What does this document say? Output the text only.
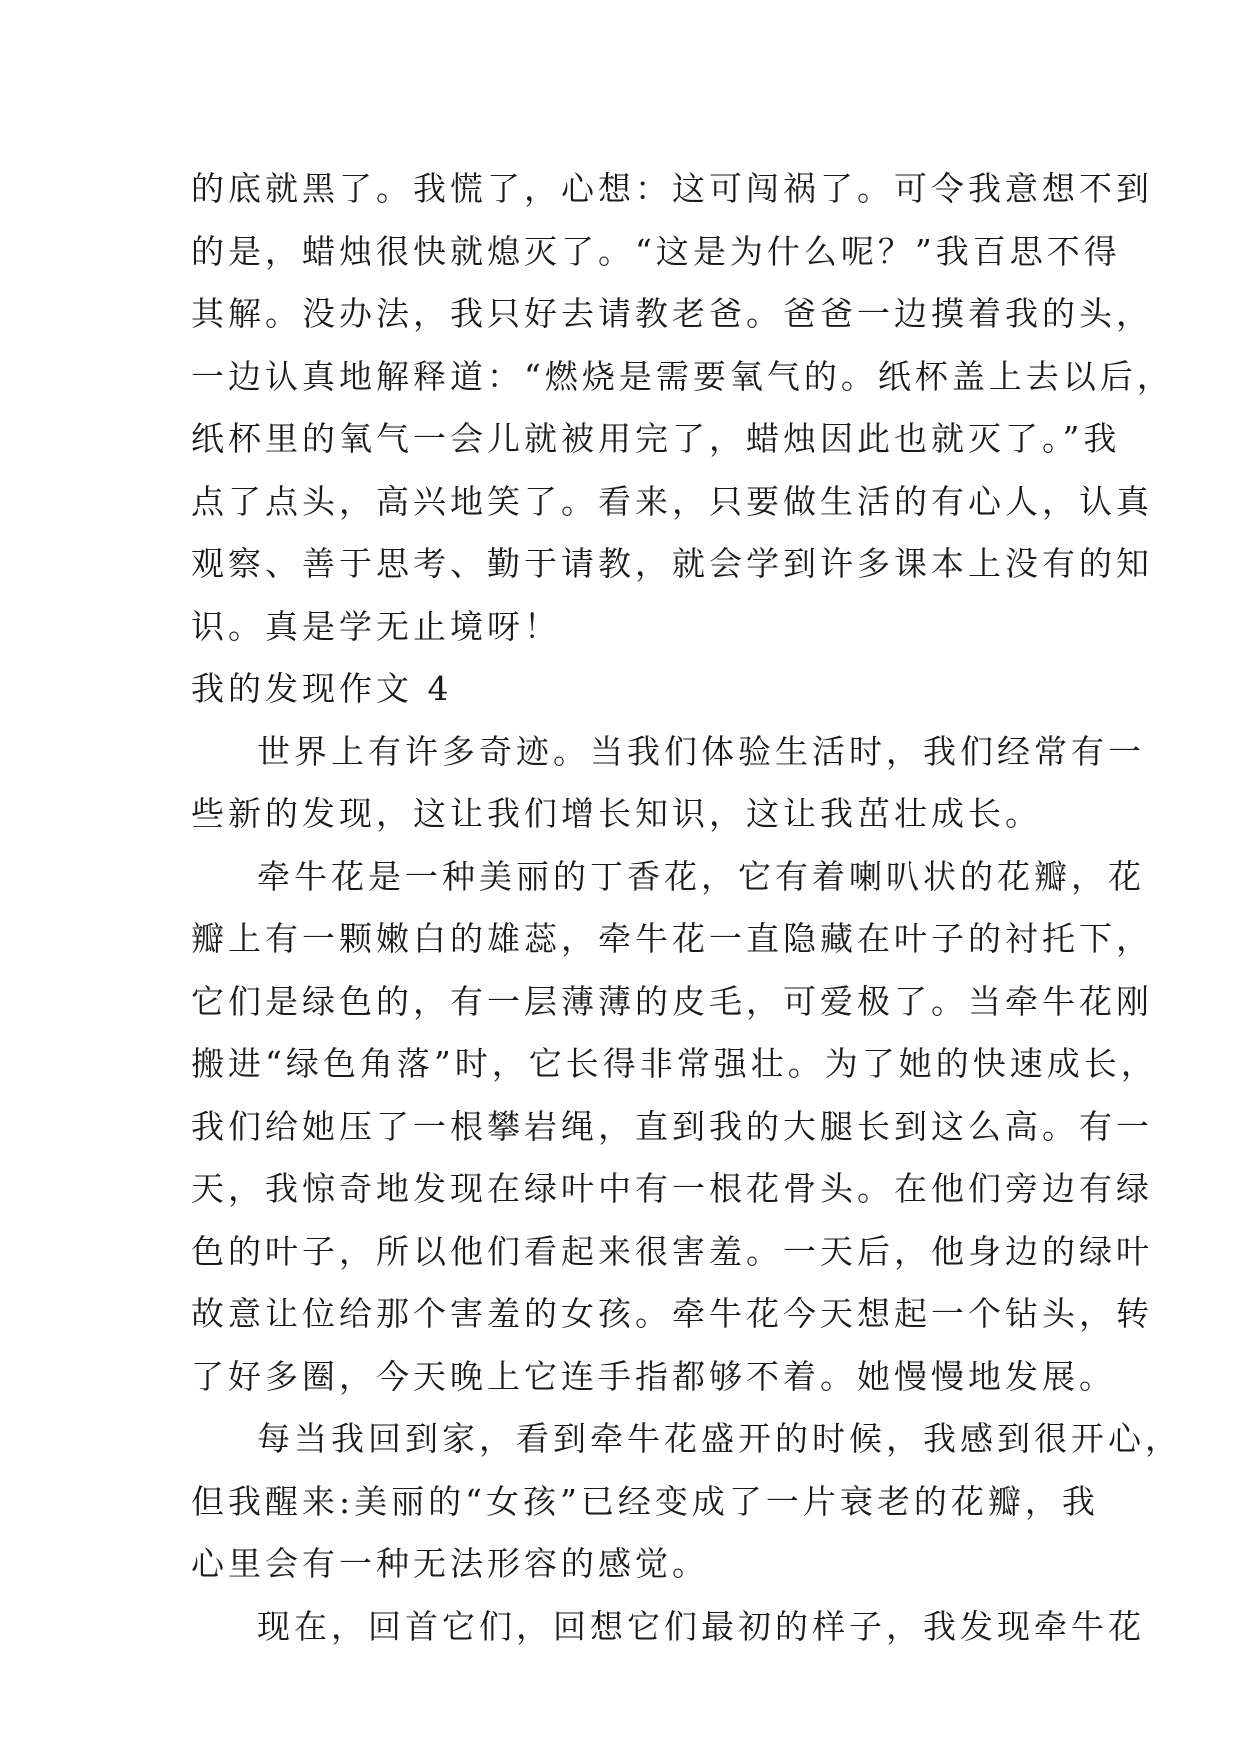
的底就黑了。我慌了，心想：这可闯祸了。可令我意想不到
的是，蜡烛很快就熄灭了。“这是为什么呢？”我百思不得
其解。没办法，我只好去请教老爸。爸爸一边摸着我的头，
一边认真地解释道：“燃烧是需要氧气的。纸杯盖上去以后，
纸杯里的氧气一会儿就被用完了，蜡烛因此也就灭了。”我
点了点头，高兴地笑了。看来，只要做生活的有心人，认真
观察、善于思考、勤于请教，就会学到许多课本上没有的知
识。真是学无止境呀！
我的发现作文 4
世界上有许多奇迹。当我们体验生活时，我们经常有一
些新的发现，这让我们增长知识，这让我茁壮成长。
牵牛花是一种美丽的丁香花，它有着喇叭状的花瓣，花
瓣上有一颗嫩白的雄蕊，牵牛花一直隐藏在叶子的衬托下，
它们是绿色的，有一层薄薄的皮毛，可爱极了。当牵牛花刚
搬进“绿色角落”时，它长得非常强壮。为了她的快速成长，
我们给她压了一根攀岩绳，直到我的大腿长到这么高。有一
天，我惊奇地发现在绿叶中有一根花骨头。在他们旁边有绿
色的叶子，所以他们看起来很害羞。一天后，他身边的绿叶
故意让位给那个害羞的女孩。牵牛花今天想起一个钻头，转
了好多圈，今天晚上它连手指都够不着。她慢慢地发展。
每当我回到家，看到牵牛花盛开的时候，我感到很开心，
但我醒来:美丽的“女孩”已经变成了一片衰老的花瓣，我
心里会有一种无法形容的感觉。
现在，回首它们，回想它们最初的样子，我发现牵牛花
